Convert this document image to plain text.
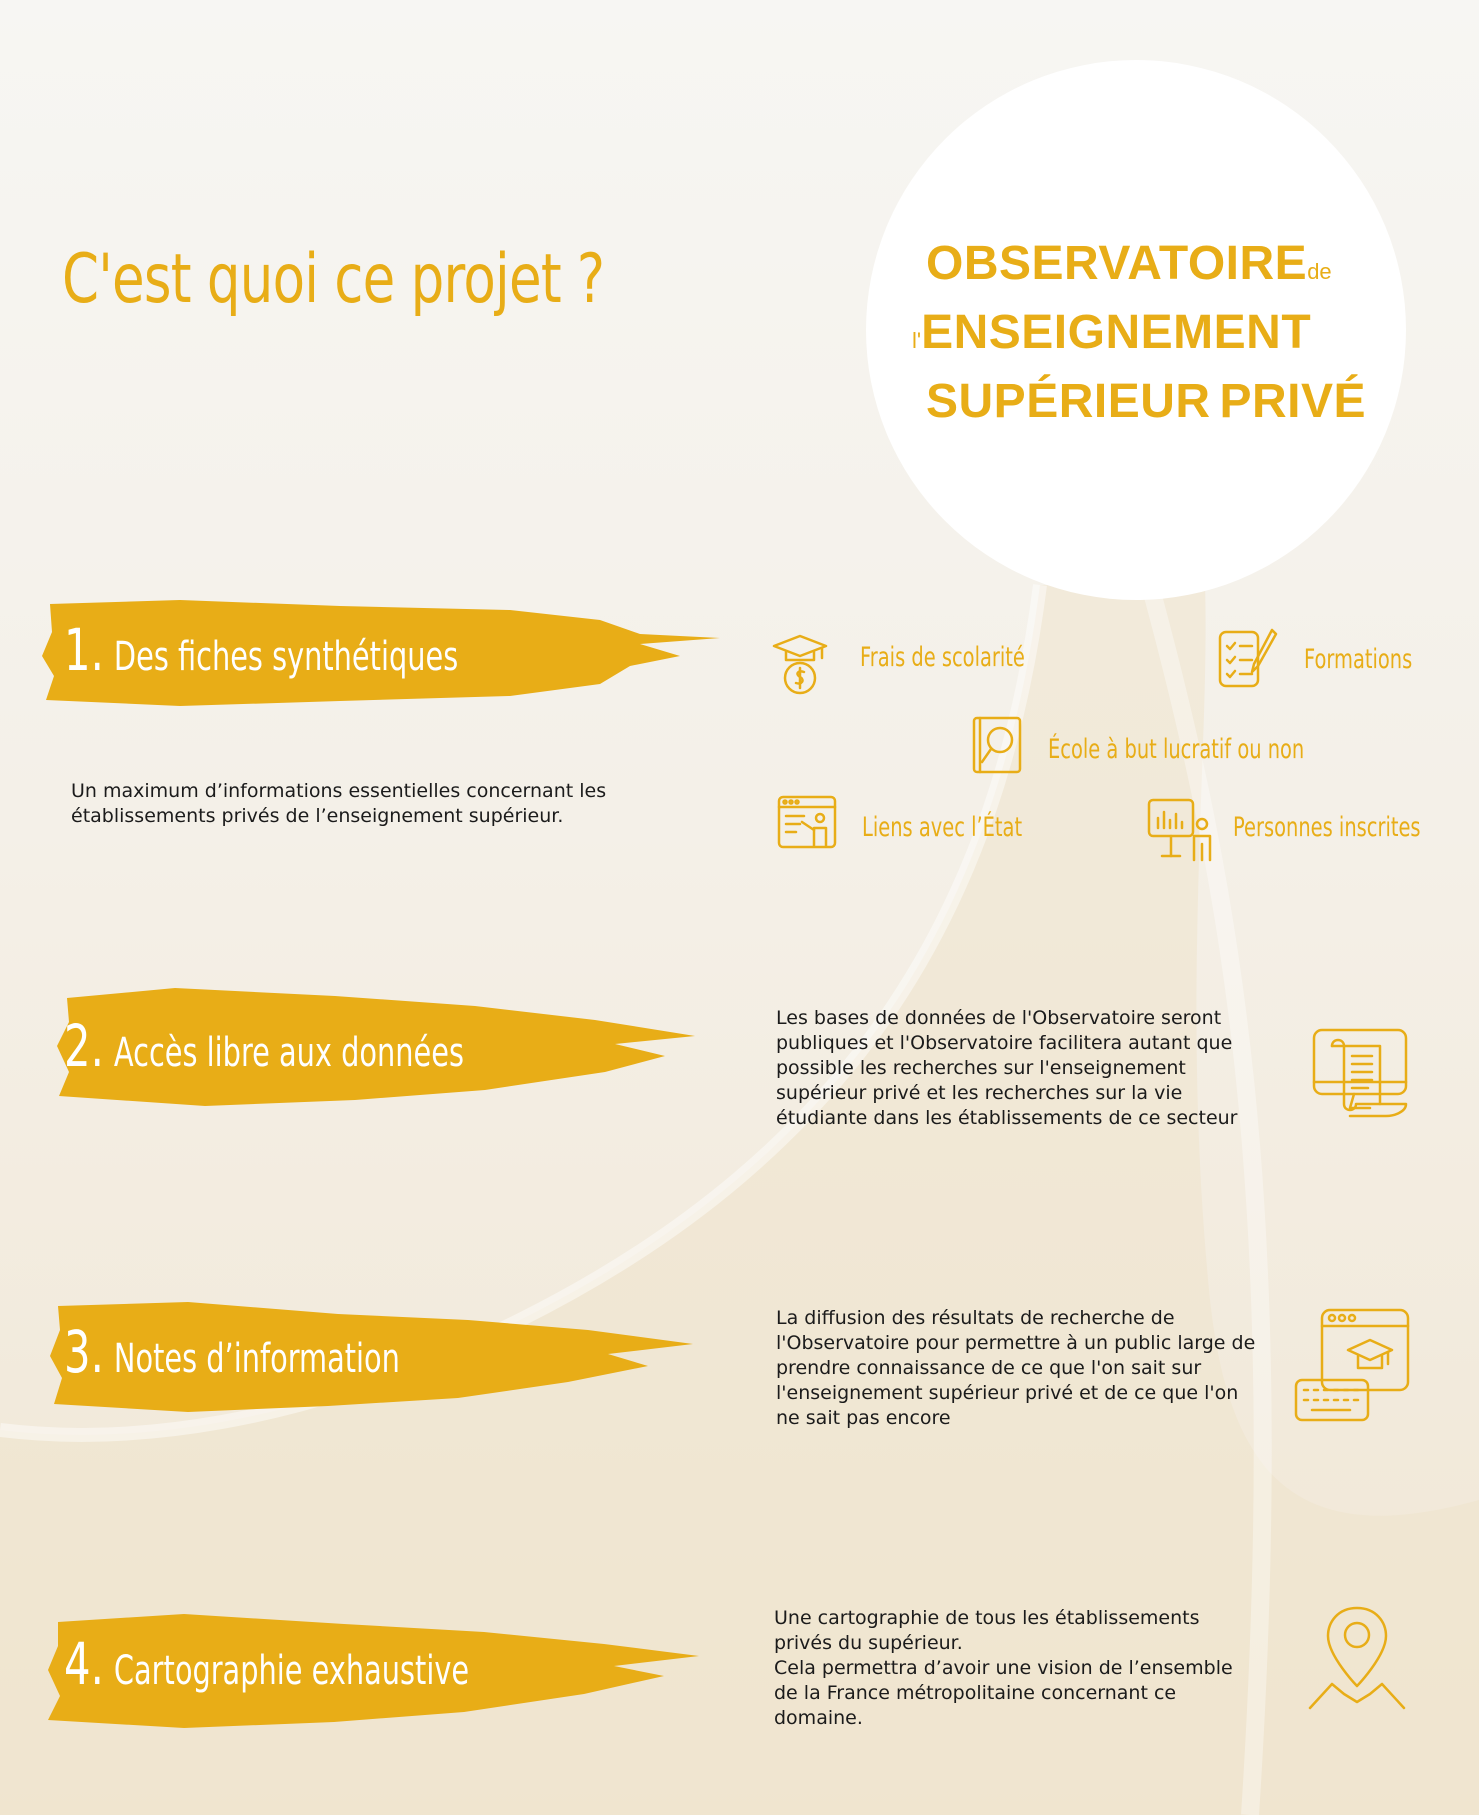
C'est quoi ce projet ?	OBSERVATOIREde
l'ENSEIGNEMENT
SUPÉRIEUR PRIVÉ
1. Des fiches synthétiques
2. Accès libre aux données
3. Notes d’information
4. Cartographie exhaustive
Un maximum d’informations essentielles concernant les établissements privés de l’enseignement supérieur.
Les bases de données de l'Observatoire seront publiques et l'Observatoire facilitera autant que possible les recherches sur l'enseignement supérieur privé et les recherches sur la vie étudiante dans les établissements de ce secteur
La diffusion des résultats de recherche de l'Observatoire pour permettre à un public large de prendre connaissance de ce que l'on sait sur l'enseignement supérieur privé et de ce que l'on ne sait pas encore
Une cartographie de tous les établissements privés du supérieur.
Cela permettra d’avoir une vision de l’ensemble de la France métropolitaine concernant ce domaine.
Frais de scolarité	Formations
École à but lucratif ou non
Liens avec l’État	Personnes inscrites
